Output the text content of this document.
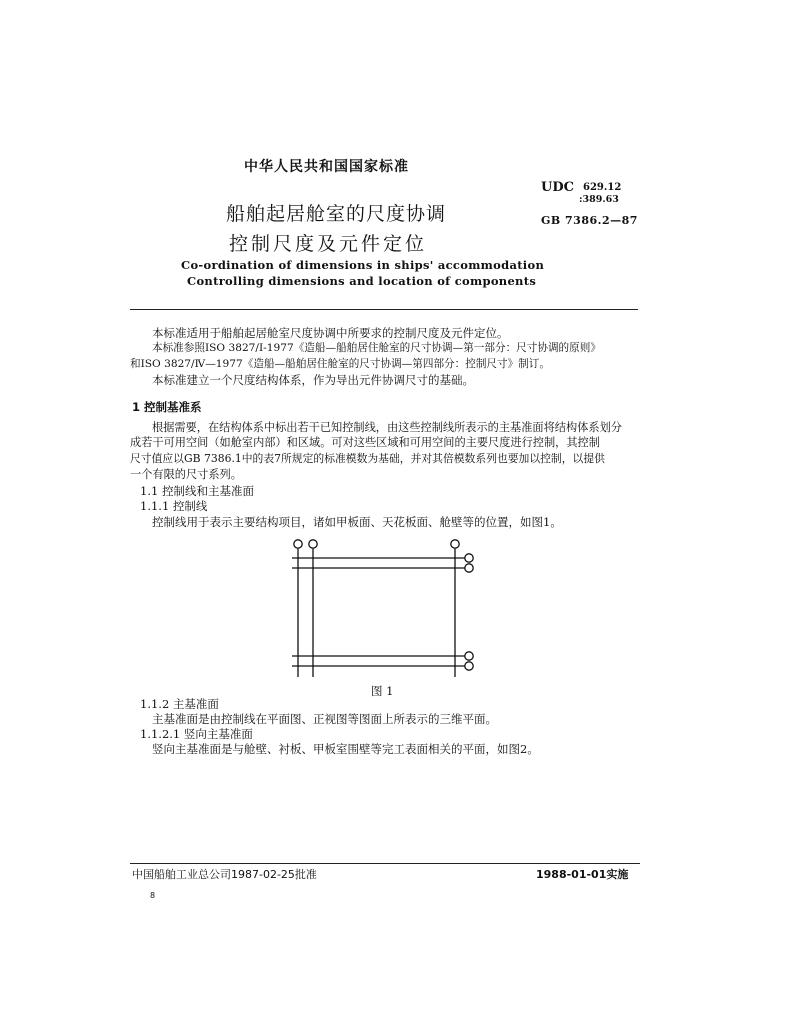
中华人民共和国国家标准
船舶起居舱室的尺度协调
控制尺度及元件定位
Co-ordination of dimensions in ships' accommodation
Controlling dimensions and location of components
UDC 629.12
:389.63
GB 7386.2—87
本标准适用于船舶起居舱室尺度协调中所要求的控制尺度及元件定位。
本标准参照ISO 3827/Ⅰ-1977《造船—船舶居住舱室的尺寸协调—第一部分：尺寸协调的原则》
和ISO 3827/Ⅳ—1977《造船—船舶居住舱室的尺寸协调—第四部分：控制尺寸》制订。
本标准建立一个尺度结构体系，作为导出元件协调尺寸的基础。
1 控制基准系
根据需要，在结构体系中标出若干已知控制线，由这些控制线所表示的主基准面将结构体系划分
成若干可用空间（如舱室内部）和区域。可对这些区域和可用空间的主要尺度进行控制，其控制
尺寸值应以GB 7386.1中的表7所规定的标准模数为基础，并对其倍模数系列也要加以控制，以提供
一个有限的尺寸系列。
1.1 控制线和主基准面
1.1.1 控制线
控制线用于表示主要结构项目，诸如甲板面、天花板面、舱壁等的位置，如图1。
图 1
1.1.2 主基准面
主基准面是由控制线在平面图、正视图等图面上所表示的三维平面。
1.1.2.1 竖向主基准面
竖向主基准面是与舱壁、衬板、甲板室围壁等完工表面相关的平面，如图2。
中国船舶工业总公司1987-02-25批准	1988-01-01实施
8
